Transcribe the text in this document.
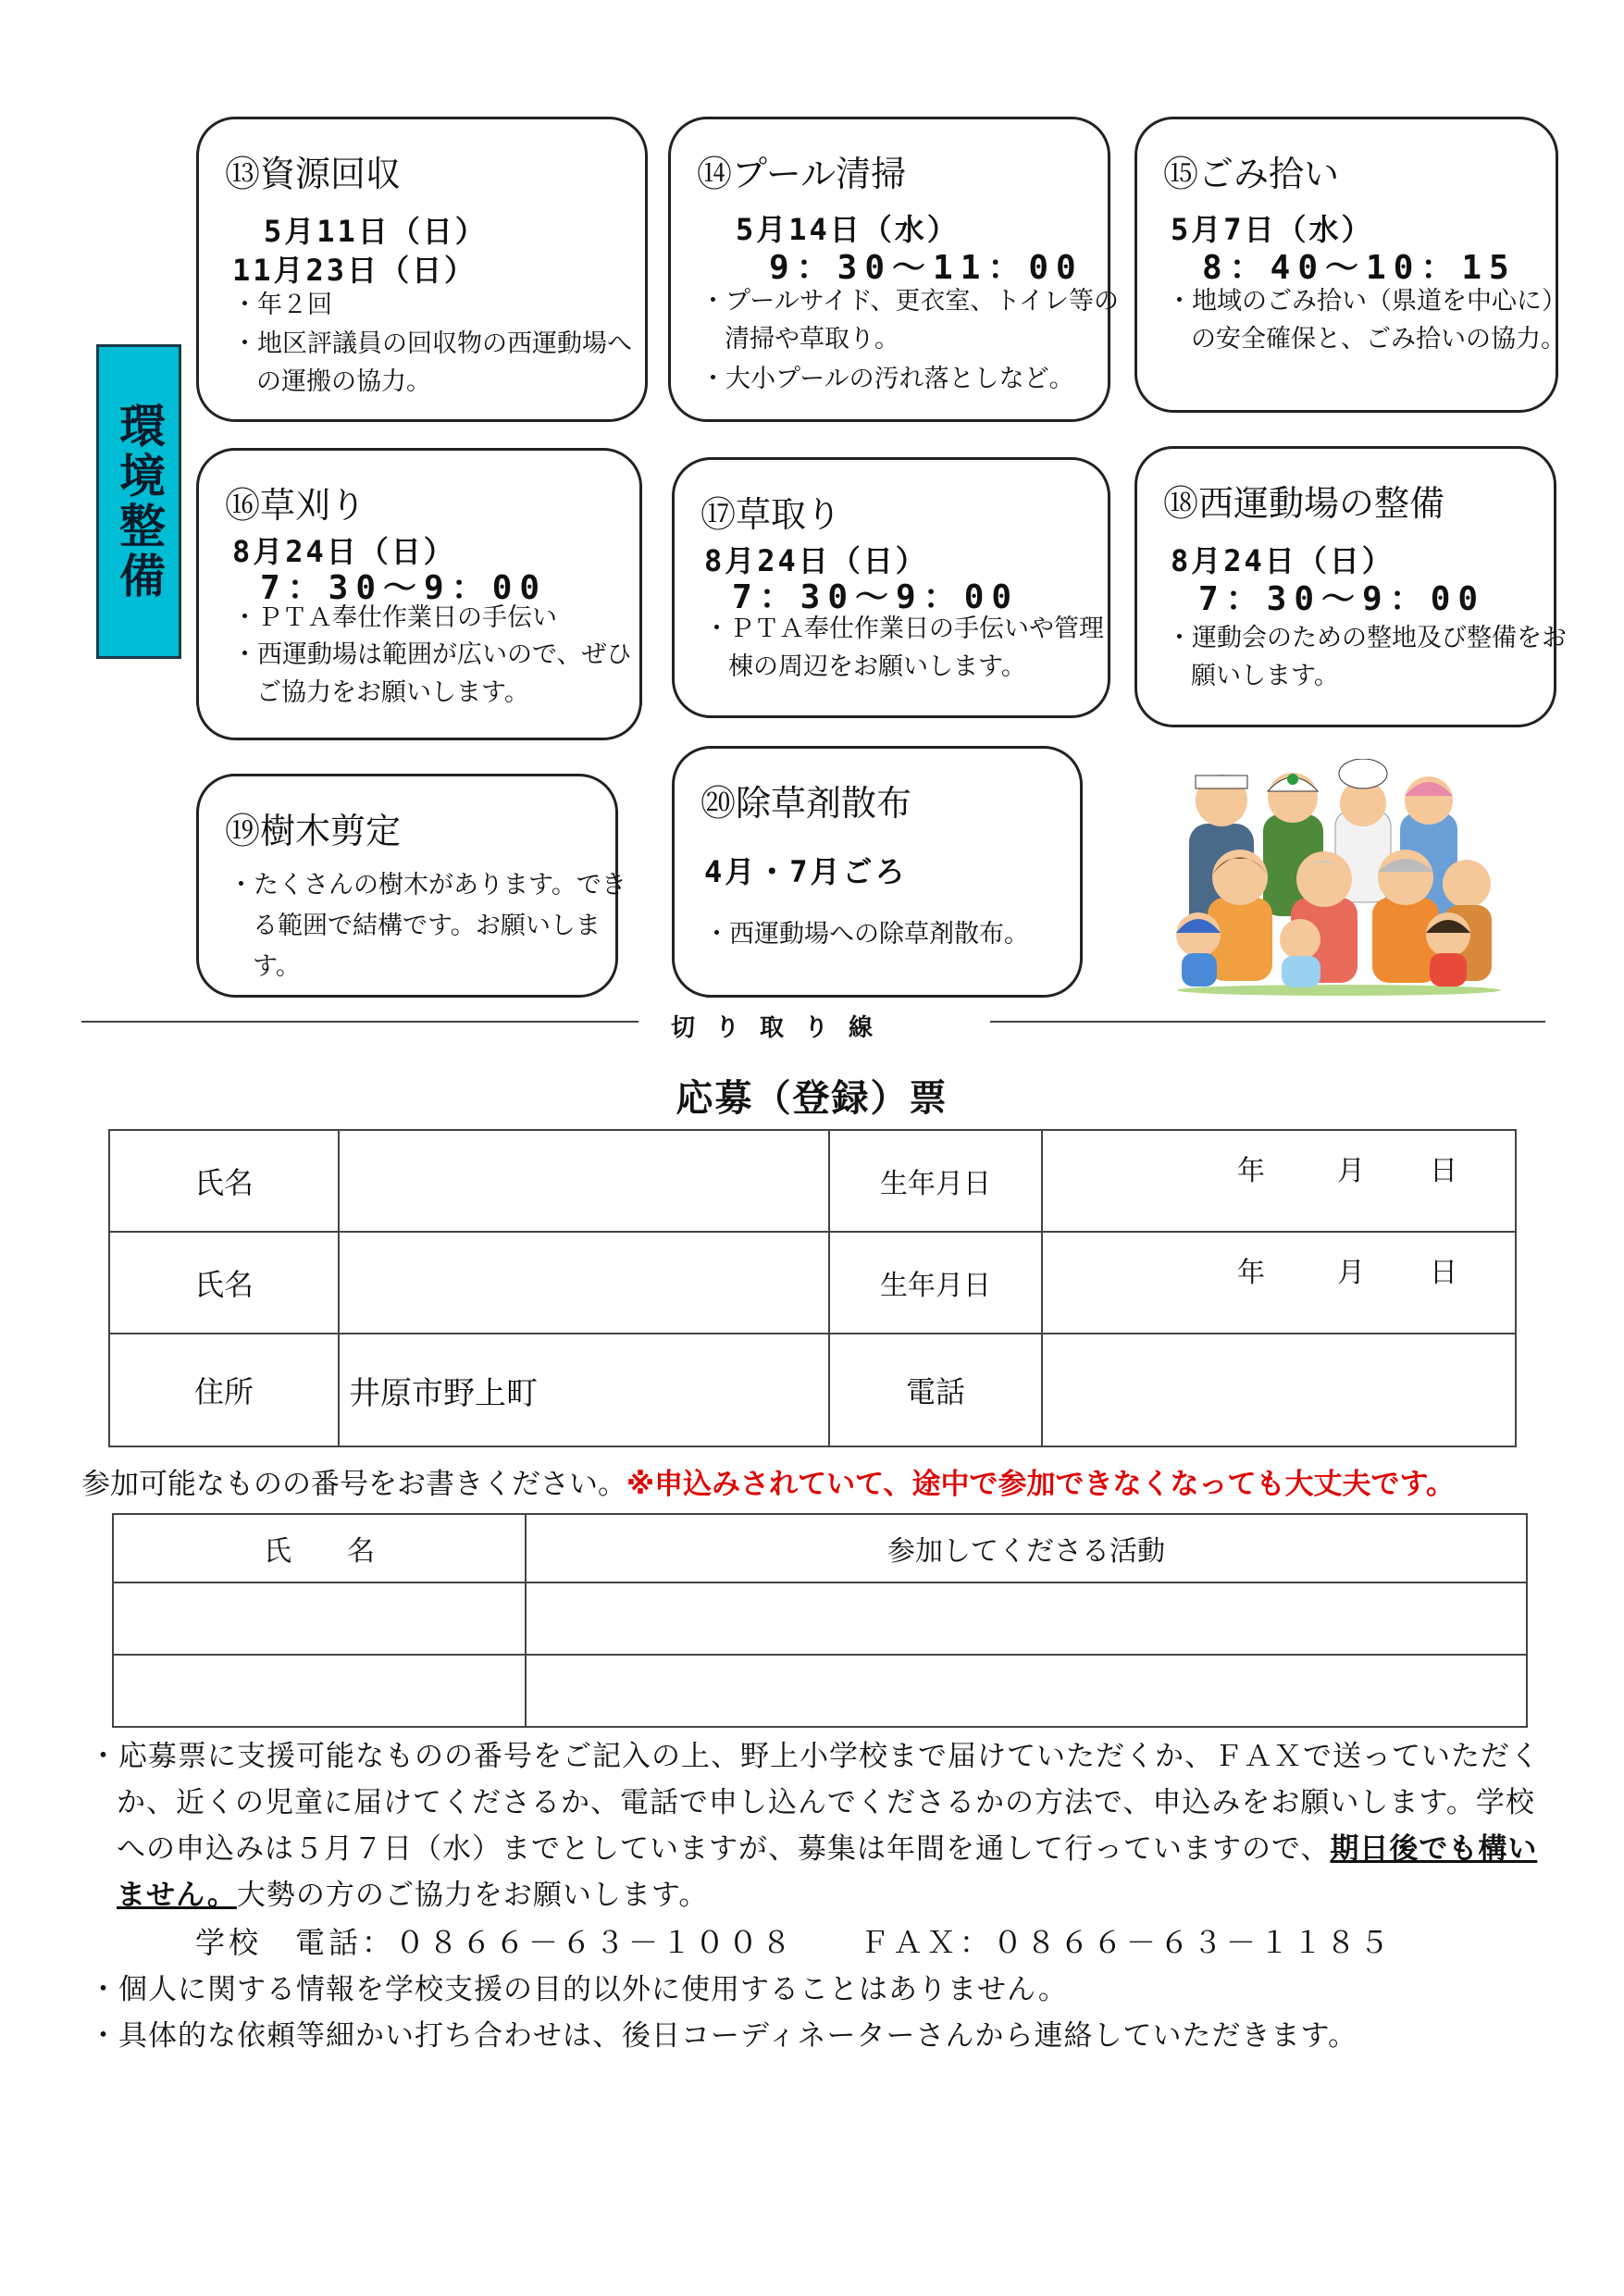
環境整備
⑬資源回収
5月11日（日）
11月23日（日）
・年２回
・地区評議員の回収物の西運動場への運搬の協力。
⑭プール清掃
5月14日（水）
9：30～11：00
・プールサイド、更衣室、トイレ等の清掃や草取り。
・大小プールの汚れ落としなど。
⑮ごみ拾い
5月7日（水）
8：40～10：15
・地域のごみ拾い（県道を中心に）の安全確保と、ごみ拾いの協力。
⑯草刈り
8月24日（日）
7：30～9：00
・ＰＴＡ奉仕作業日の手伝い
・西運動場は範囲が広いので、ぜひご協力をお願いします。
⑰草取り
8月24日（日）
7：30～9：00
・ＰＴＡ奉仕作業日の手伝いや管理棟の周辺をお願いします。
⑱西運動場の整備
8月24日（日）
7：30～9：00
・運動会のための整地及び整備をお願いします。
⑲樹木剪定
・たくさんの樹木があります。できる範囲で結構です。お願いします。
⑳除草剤散布
4月・7月ごろ
・西運動場への除草剤散布。
切り取り線
応募（登録）票
氏名		生年月日	年 月 日

氏名		生年月日	年 月 日

住所	井原市野上町	電話	
参加可能なものの番号をお書きください。※申込みされていて、途中で参加できなくなっても大丈夫です。
氏　　名	参加してくださる活動

・応募票に支援可能なものの番号をご記入の上、野上小学校まで届けていただくか、ＦＡＸで送っていただくか、近くの児童に届けてくださるか、電話で申し込んでくださるかの方法で、申込みをお願いします。学校への申込みは５月７日（水）までとしていますが、募集は年間を通して行っていますので、期日後でも構いません。大勢の方のご協力をお願いします。
学校　電話：０８６６－６３－１００８ ＦＡＸ：０８６６－６３－１１８５
・個人に関する情報を学校支援の目的以外に使用することはありません。
・具体的な依頼等細かい打ち合わせは、後日コーディネーターさんから連絡していただきます。
